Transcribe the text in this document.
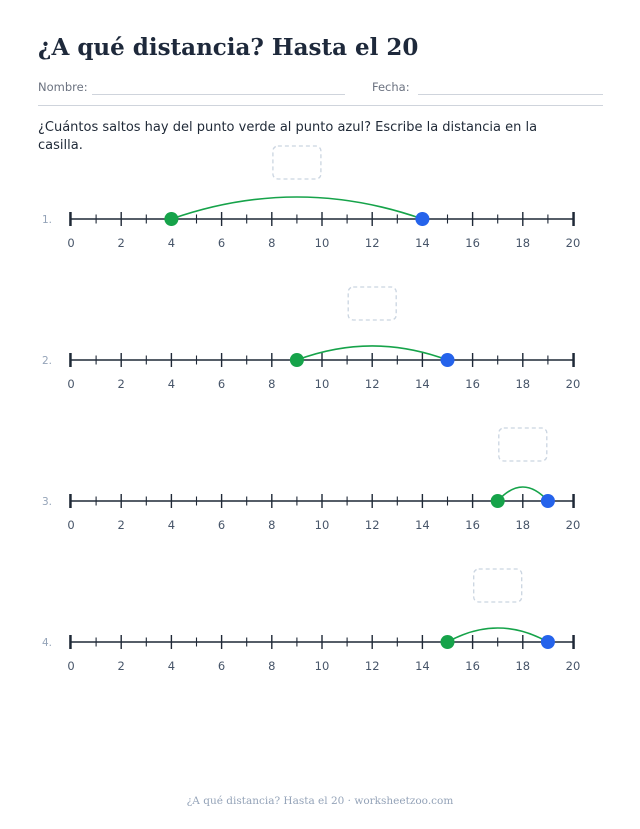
¿A qué distancia? Hasta el 20
Nombre:	Fecha:

¿Cuántos saltos hay del punto verde al punto azul? Escribe la distancia en la casilla.

1.
0	2	4	6	8	10	12	14	16	18	20
2.
0	2	4	6	8	10	12	14	16	18	20
3.
0	2	4	6	8	10	12	14	16	18	20
4.
0	2	4	6	8	10	12	14	16	18	20
¿A qué distancia? Hasta el 20 · worksheetzoo.com
